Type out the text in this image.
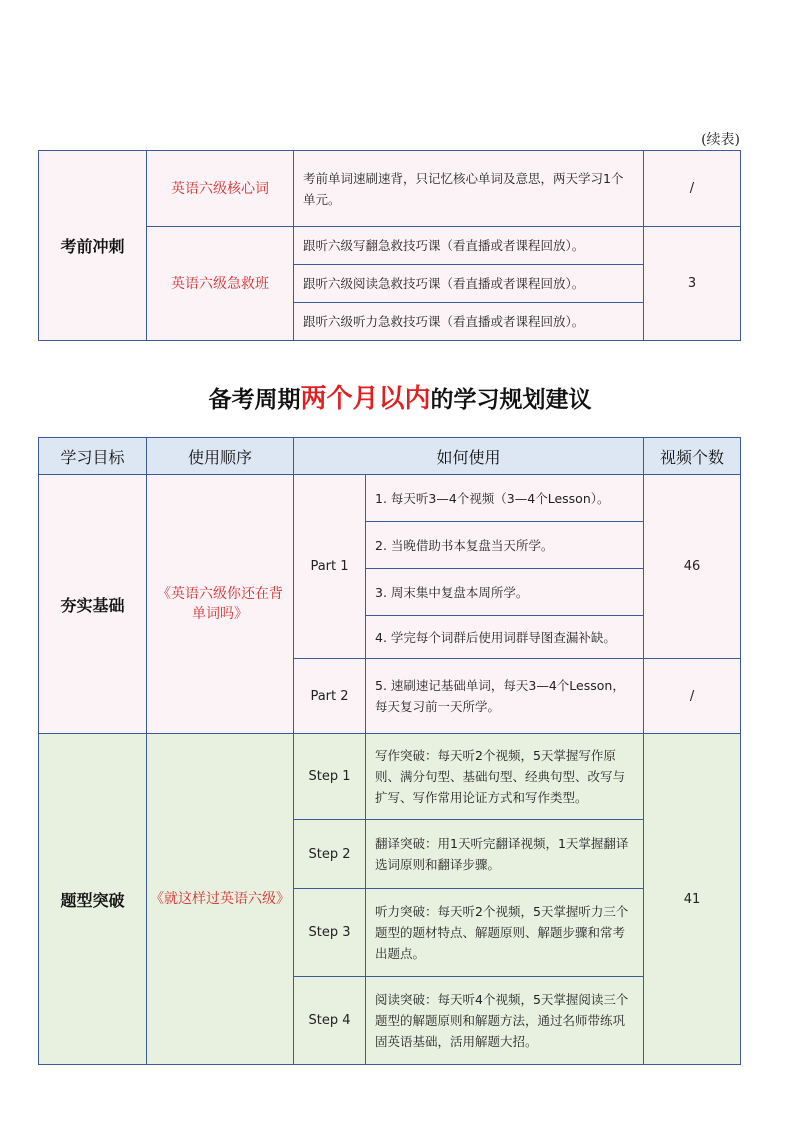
(续表)
考前冲刺	英语六级核心词	考前单词速刷速背，只记忆核心单词及意思，两天学习1个单元。	/
	英语六级急救班	跟听六级写翻急救技巧课（看直播或者课程回放）。	3
		跟听六级阅读急救技巧课（看直播或者课程回放）。	
		跟听六级听力急救技巧课（看直播或者课程回放）。	
备考周期两个月以内的学习规划建议
学习目标	使用顺序	如何使用		视频个数
夯实基础	《英语六级你还在背单词吗》	Part 1	1. 每天听3—4个视频（3—4个Lesson）。	46
			2. 当晚借助书本复盘当天所学。	
			3. 周末集中复盘本周所学。	
			4. 学完每个词群后使用词群导图查漏补缺。	
		Part 2	5. 速刷速记基础单词，每天3—4个Lesson，每天复习前一天所学。	/
题型突破	《就这样过英语六级》	Step 1	写作突破：每天听2个视频，5天掌握写作原则、满分句型、基础句型、经典句型、改写与扩写、写作常用论证方式和写作类型。	41
		Step 2	翻译突破：用1天听完翻译视频，1天掌握翻译选词原则和翻译步骤。	
		Step 3	听力突破：每天听2个视频，5天掌握听力三个题型的题材特点、解题原则、解题步骤和常考出题点。	
		Step 4	阅读突破：每天听4个视频，5天掌握阅读三个题型的解题原则和解题方法，通过名师带练巩固英语基础，活用解题大招。	
